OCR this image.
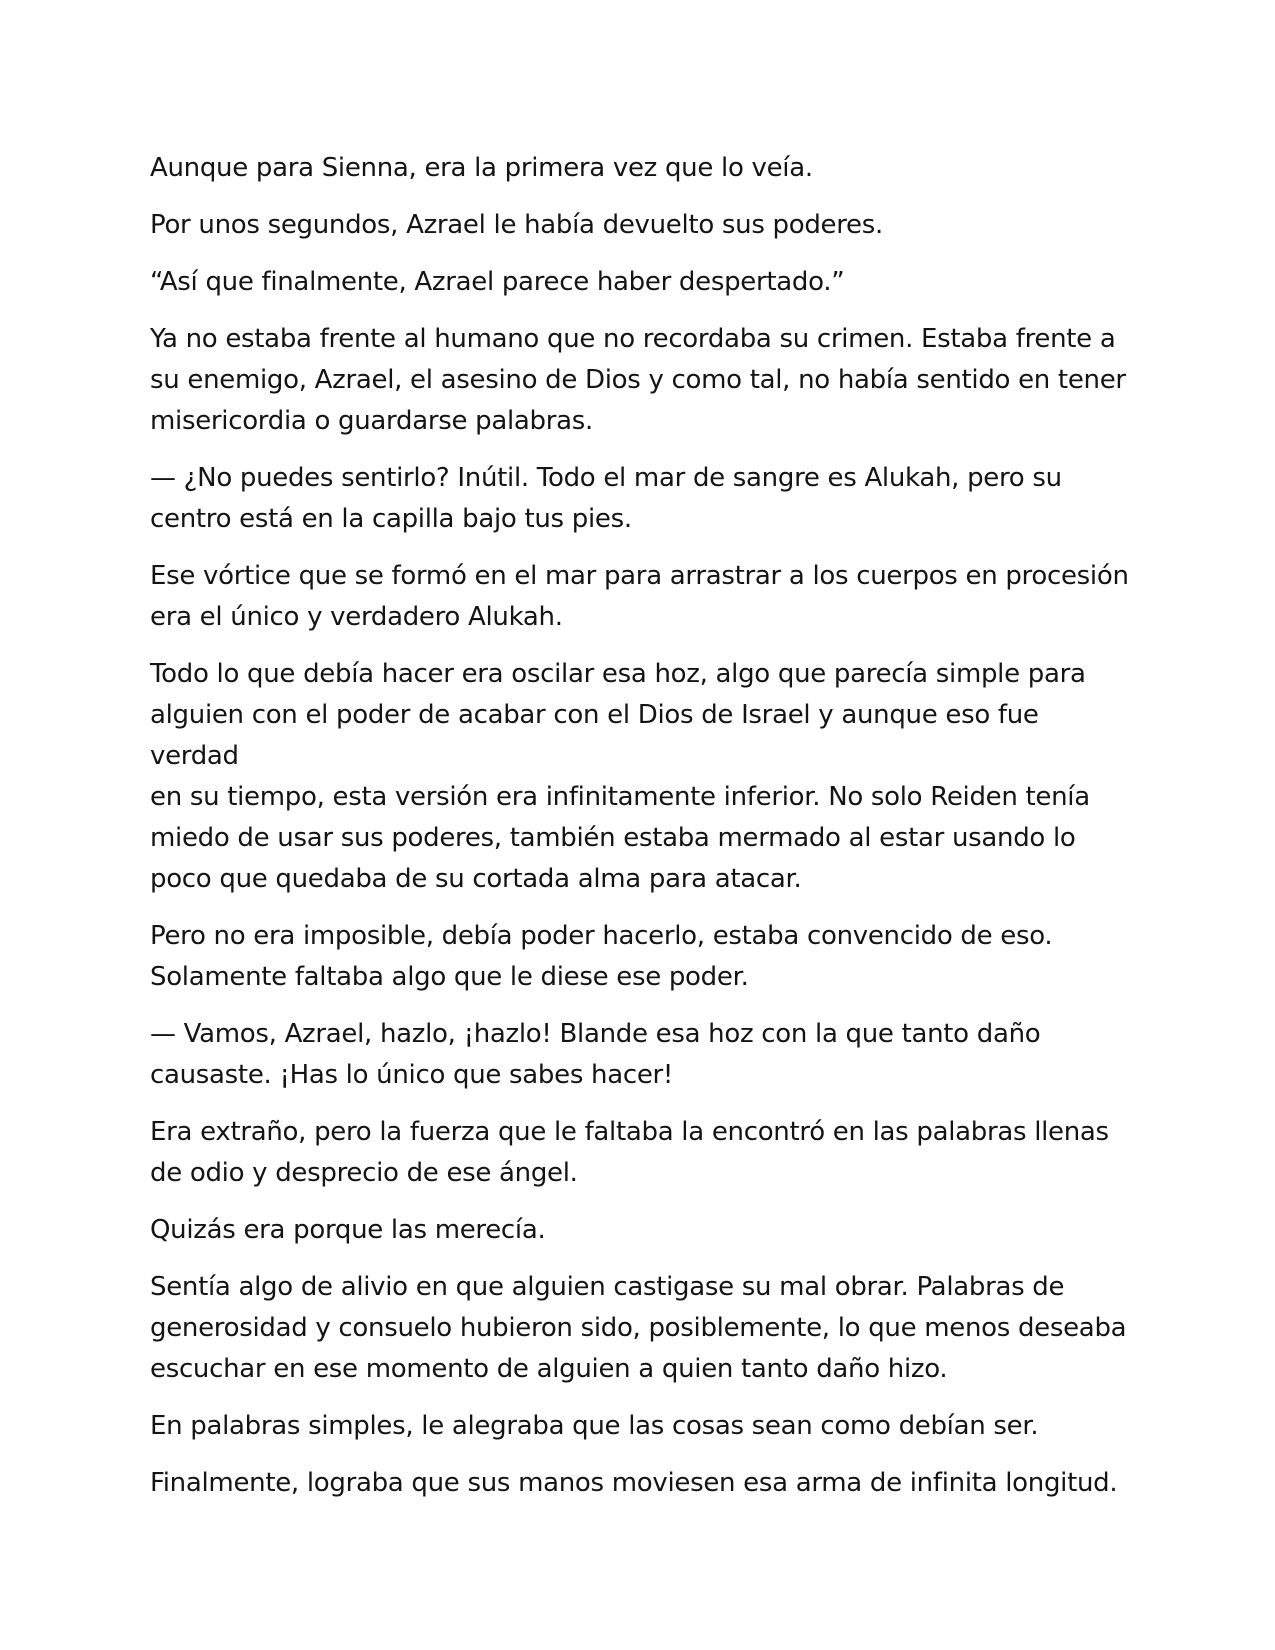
Aunque para Sienna, era la primera vez que lo veía.

Por unos segundos, Azrael le había devuelto sus poderes.

“Así que finalmente, Azrael parece haber despertado.”

Ya no estaba frente al humano que no recordaba su crimen. Estaba frente a
su enemigo, Azrael, el asesino de Dios y como tal, no había sentido en tener
misericordia o guardarse palabras.

— ¿No puedes sentirlo? Inútil. Todo el mar de sangre es Alukah, pero su
centro está en la capilla bajo tus pies.

Ese vórtice que se formó en el mar para arrastrar a los cuerpos en procesión
era el único y verdadero Alukah.

Todo lo que debía hacer era oscilar esa hoz, algo que parecía simple para
alguien con el poder de acabar con el Dios de Israel y aunque eso fue verdad
en su tiempo, esta versión era infinitamente inferior. No solo Reiden tenía
miedo de usar sus poderes, también estaba mermado al estar usando lo
poco que quedaba de su cortada alma para atacar.

Pero no era imposible, debía poder hacerlo, estaba convencido de eso.
Solamente faltaba algo que le diese ese poder.

— Vamos, Azrael, hazlo, ¡hazlo! Blande esa hoz con la que tanto daño
causaste. ¡Has lo único que sabes hacer!

Era extraño, pero la fuerza que le faltaba la encontró en las palabras llenas
de odio y desprecio de ese ángel.

Quizás era porque las merecía.

Sentía algo de alivio en que alguien castigase su mal obrar. Palabras de
generosidad y consuelo hubieron sido, posiblemente, lo que menos deseaba
escuchar en ese momento de alguien a quien tanto daño hizo.

En palabras simples, le alegraba que las cosas sean como debían ser.

Finalmente, lograba que sus manos moviesen esa arma de infinita longitud.
